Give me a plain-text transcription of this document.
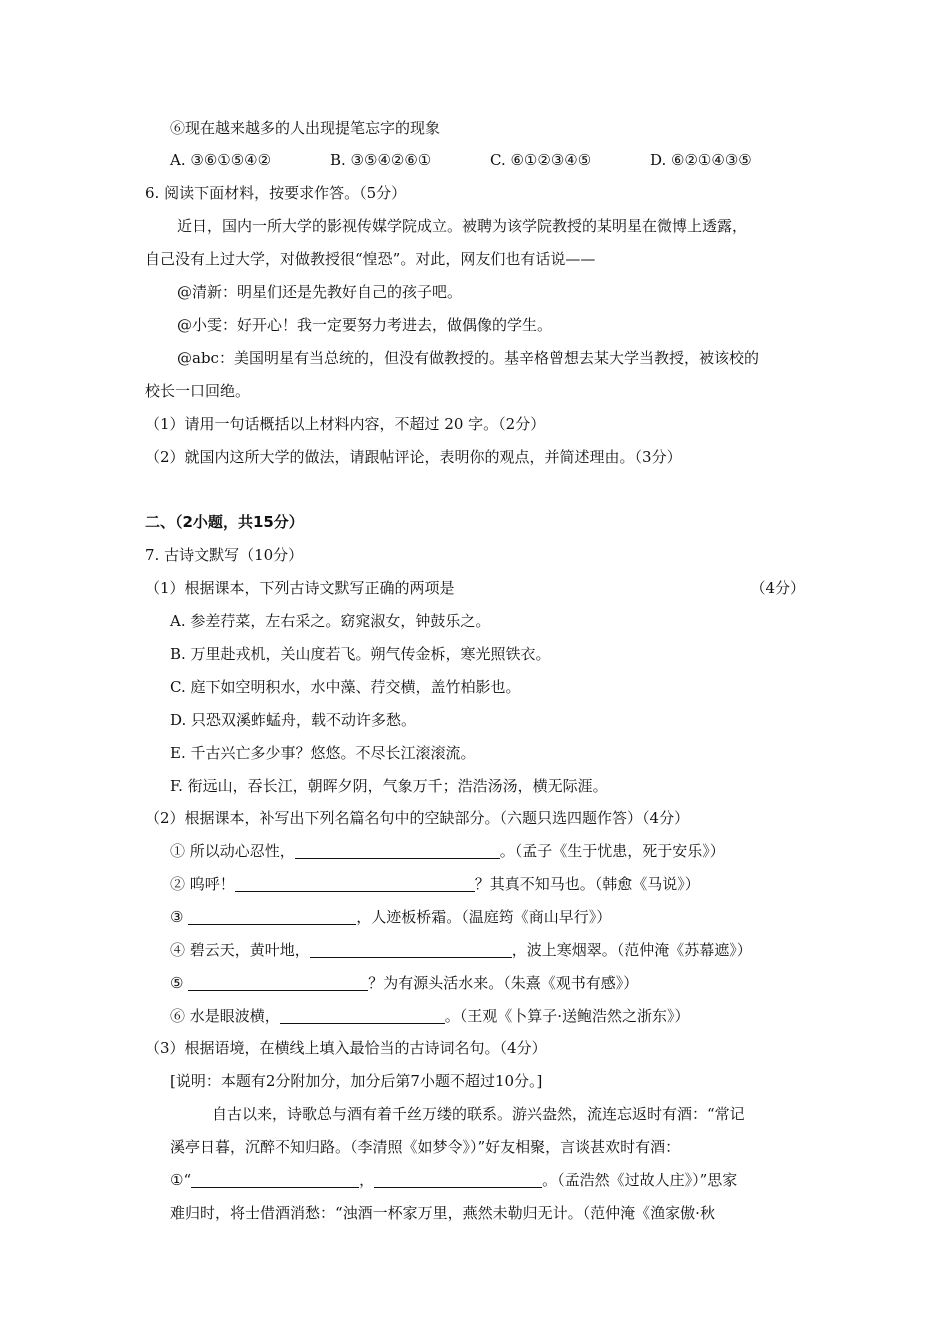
⑥现在越来越多的人出现提笔忘字的现象
A. ③⑥①⑤④②	B. ③⑤④②⑥①	C. ⑥①②③④⑤	D. ⑥②①④③⑤
6. 阅读下面材料，按要求作答。（5分）
近日，国内一所大学的影视传媒学院成立。被聘为该学院教授的某明星在微博上透露，
自己没有上过大学，对做教授很“惶恐”。对此，网友们也有话说——
@清新：明星们还是先教好自己的孩子吧。
@小雯：好开心！我一定要努力考进去，做偶像的学生。
@abc：美国明星有当总统的，但没有做教授的。基辛格曾想去某大学当教授，被该校的
校长一口回绝。
（1）请用一句话概括以上材料内容，不超过 20 字。（2分）
（2）就国内这所大学的做法，请跟帖评论，表明你的观点，并简述理由。（3分）
二、（2小题，共15分）
7. 古诗文默写（10分）
（1）根据课本，下列古诗文默写正确的两项是	（4分）
A. 参差荇菜，左右采之。窈窕淑女，钟鼓乐之。
B. 万里赴戎机，关山度若飞。朔气传金柝，寒光照铁衣。
C. 庭下如空明积水，水中藻、荇交横，盖竹柏影也。
D. 只恐双溪蚱蜢舟，载不动许多愁。
E. 千古兴亡多少事？悠悠。不尽长江滚滚流。
F. 衔远山，吞长江，朝晖夕阴，气象万千；浩浩汤汤，横无际涯。
（2）根据课本，补写出下列名篇名句中的空缺部分。（六题只选四题作答）（4分）
① 所以动心忍性，	。（孟子《生于忧患，死于安乐》）
② 呜呼！	？其真不知马也。（韩愈《马说》）
③	，人迹板桥霜。（温庭筠《商山早行》）
④ 碧云天，黄叶地，	，波上寒烟翠。（范仲淹《苏幕遮》）
⑤	？为有源头活水来。（朱熹《观书有感》）
⑥ 水是眼波横，	。（王观《卜算子·送鲍浩然之浙东》）
（3）根据语境，在横线上填入最恰当的古诗词名句。（4分）
[说明：本题有2分附加分，加分后第7小题不超过10分。]
自古以来，诗歌总与酒有着千丝万缕的联系。游兴盎然，流连忘返时有酒：“常记
溪亭日暮，沉醉不知归路。（李清照《如梦令》）”好友相聚，言谈甚欢时有酒：
①“	，	。（孟浩然《过故人庄》）”思家
难归时，将士借酒消愁：“浊酒一杯家万里，燕然未勒归无计。（范仲淹《渔家傲·秋
